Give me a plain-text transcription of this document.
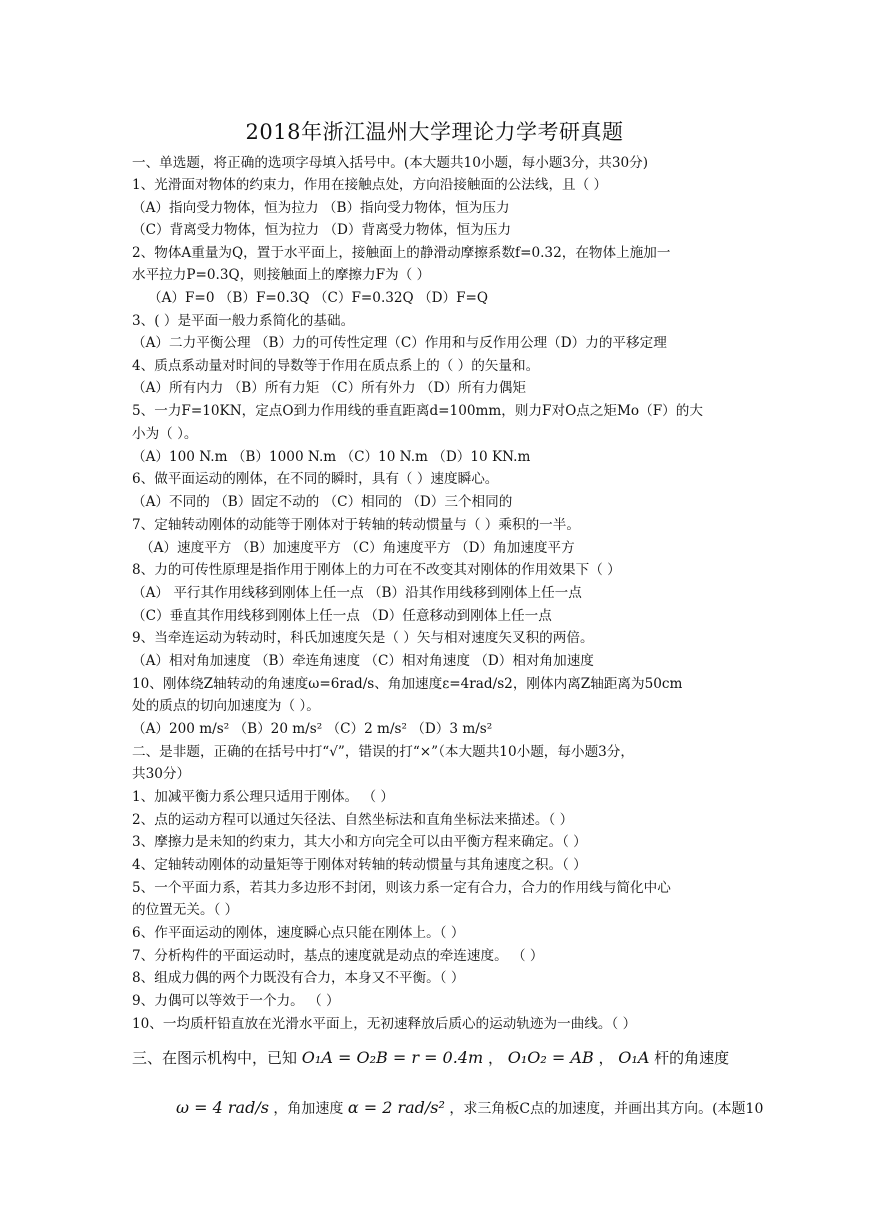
2018年浙江温州大学理论力学考研真题
一、单选题，将正确的选项字母填入括号中。(本大题共10小题，每小题3分，共30分)
1、光滑面对物体的约束力，作用在接触点处，方向沿接触面的公法线，且（ ）
（A）指向受力物体，恒为拉力 （B）指向受力物体，恒为压力
（C）背离受力物体，恒为拉力 （D）背离受力物体，恒为压力
2、物体A重量为Q，置于水平面上，接触面上的静滑动摩擦系数f=0.32，在物体上施加一
水平拉力P=0.3Q，则接触面上的摩擦力F为（ ）
（A）F=0 （B）F=0.3Q （C）F=0.32Q （D）F=Q
3、( ）是平面一般力系简化的基础。
（A）二力平衡公理 （B）力的可传性定理（C）作用和与反作用公理（D）力的平移定理
4、质点系动量对时间的导数等于作用在质点系上的（ ）的矢量和。
（A）所有内力 （B）所有力矩 （C）所有外力 （D）所有力偶矩
5、一力F=10KN，定点O到力作用线的垂直距离d=100mm，则力F对O点之矩Mo（F）的大
小为（ ）。
（A）100 N.m （B）1000 N.m （C）10 N.m （D）10 KN.m
6、做平面运动的刚体，在不同的瞬时，具有（ ）速度瞬心。
（A）不同的 （B）固定不动的 （C）相同的 （D）三个相同的
7、定轴转动刚体的动能等于刚体对于转轴的转动惯量与（ ）乘积的一半。
（A）速度平方 （B）加速度平方 （C）角速度平方 （D）角加速度平方
8、力的可传性原理是指作用于刚体上的力可在不改变其对刚体的作用效果下（ ）
（A） 平行其作用线移到刚体上任一点 （B）沿其作用线移到刚体上任一点
（C）垂直其作用线移到刚体上任一点 （D）任意移动到刚体上任一点
9、当牵连运动为转动时，科氏加速度矢是（ ）矢与相对速度矢叉积的两倍。
（A）相对角加速度 （B）牵连角速度 （C）相对角速度 （D）相对角加速度
10、刚体绕Z轴转动的角速度ω=6rad/s、角加速度ε=4rad/s2，刚体内离Z轴距离为50cm
处的质点的切向加速度为（ ）。
（A）200 m/s² （B）20 m/s² （C）2 m/s² （D）3 m/s²
二、是非题，正确的在括号中打“√”，错误的打“×”（本大题共10小题，每小题3分，
共30分）
1、加减平衡力系公理只适用于刚体。 （ ）
2、点的运动方程可以通过矢径法、自然坐标法和直角坐标法来描述。（ ）
3、摩擦力是未知的约束力，其大小和方向完全可以由平衡方程来确定。（ ）
4、定轴转动刚体的动量矩等于刚体对转轴的转动惯量与其角速度之积。（ ）
5、一个平面力系，若其力多边形不封闭，则该力系一定有合力，合力的作用线与简化中心
的位置无关。（ ）
6、作平面运动的刚体，速度瞬心点只能在刚体上。（ ）
7、分析构件的平面运动时，基点的速度就是动点的牵连速度。 （ ）
8、组成力偶的两个力既没有合力，本身又不平衡。（ ）
9、力偶可以等效于一个力。 （ ）
10、一均质杆铅直放在光滑水平面上，无初速释放后质心的运动轨迹为一曲线。（ ）
三、在图示机构中，已知 O₁A = O₂B = r = 0.4m ， O₁O₂ = AB ， O₁A 杆的角速度
ω = 4 rad/s ，角加速度 α = 2 rad/s² ，求三角板C点的加速度，并画出其方向。(本题10
